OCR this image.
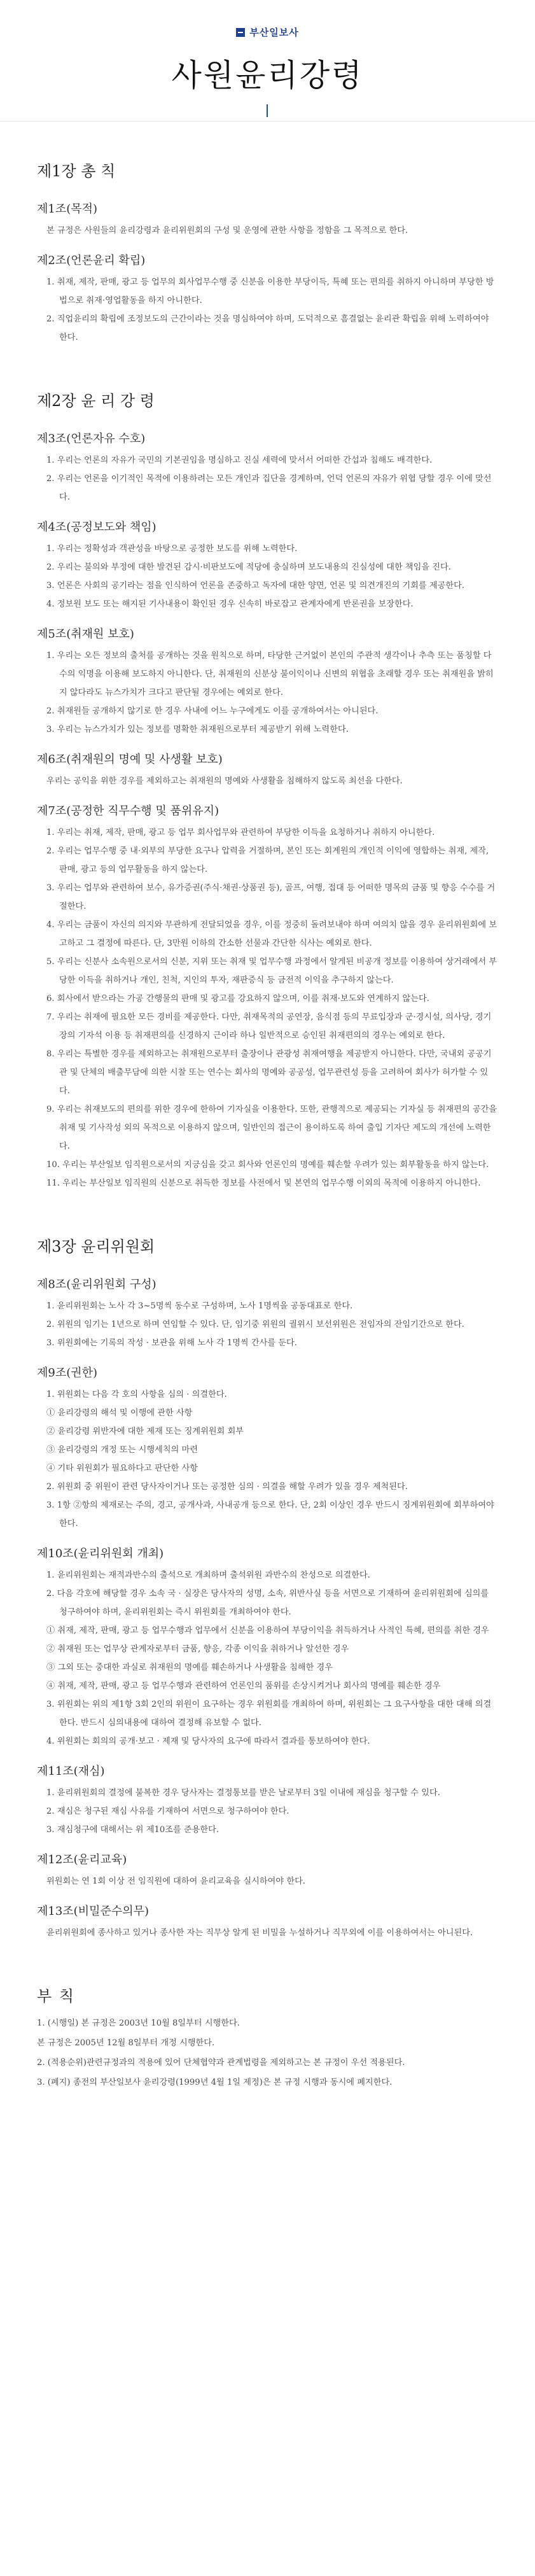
부산일보사
사원윤리강령
제1장 총 칙
제1조(목적)

본 규정은 사원들의 윤리강령과 윤리위원회의 구성 및 운영에 관한 사항을 정함을 그 목적으로 한다.

제2조(언론윤리 확립)
1. 취재, 제작, 판매, 광고 등 업무의 회사업무수행 중 신분을 이용한 부당이득, 특혜 또는 편의를 취하지 아니하며 부당한 방법으로 취재·영업활동을 하지 아니한다.
2. 직업윤리의 확립에 조정보도의 근간이라는 것을 명심하여야 하며, 도덕적으로 흠결없는 윤리관 확립을 위해 노력하여야 한다.
제2장 윤 리 강 령
제3조(언론자유 수호)
1. 우리는 언론의 자유가 국민의 기본권임을 명심하고 진실 세력에 맞서서 어떠한 간섭과 침해도 배격한다.
2. 우리는 언론을 이기적인 목적에 이용하려는 모든 개인과 집단을 경계하며, 언덕 언론의 자유가 위협 당할 경우 이에 맞선다.
제4조(공정보도와 책임)
1. 우리는 정확성과 객관성을 바탕으로 공정한 보도를 위해 노력한다.
2. 우리는 불의와 부정에 대한 발견된 감시·비판보도에 적당에 충실하며 보도내용의 진실성에 대한 책임을 진다.
3. 언론은 사회의 공기라는 점을 인식하여 언론을 존중하고 독자에 대한 양면, 언론 및 의견개진의 기회를 제공한다.
4. 정보원 보도 또는 해지된 기사내용이 확인된 경우 신속히 바로잡고 관계자에게 반론권을 보장한다.
제5조(취재원 보호)
1. 우리는 오든 정보의 출처를 공개하는 것을 원칙으로 하며, 타당한 근거없이 본인의 주관적 생각이나 추측 또는 품칭할 다수의 익명을 이용해 보도하지 아니한다. 단, 취재원의 신분상 불이익이나 신변의 위협을 초래할 경우 또는 취재원을 밝히지 않다라도 뉴스가치가 크다고 판단될 경우에는 예외로 한다.
2. 취재원들 공개하지 않기로 한 경우 사내에 어느 누구에게도 이를 공개하여서는 아니된다.
3. 우리는 뉴스가치가 있는 정보를 명확한 취재원으로부터 제공받기 위해 노력한다.
제6조(취재원의 명예 및 사생활 보호)

우리는 공익을 위한 경우를 제외하고는 취재원의 명예와 사생활을 침해하지 않도록 최선을 다한다.

제7조(공정한 직무수행 및 품위유지)
1. 우리는 취재, 제작, 판매, 광고 등 업무 회사업무와 관련하여 부당한 이득을 요청하거나 취하지 아니한다.
2. 우리는 업무수행 중 내·외부의 부당한 요구나 압력을 거절하며, 본인 또는 회계원의 개인적 이익에 영합하는 취재, 제작, 판매, 광고 등의 업무활동을 하지 않는다.
3. 우리는 업무와 관련하여 보수, 유가증권(주식·채권·상품권 등), 골프, 여행, 접대 등 어떠한 명목의 금품 및 향응 수수를 거절한다.
4. 우리는 금품이 자신의 의지와 무관하게 전달되었을 경우, 이를 정중히 돌려보내야 하며 여의치 않을 경우 윤리위원회에 보고하고 그 결정에 따른다. 단, 3만원 이하의 간소한 선물과 간단한 식사는 예외로 한다.
5. 우리는 신분사 소속원으로서의 신분, 지위 또는 취재 및 업무수행 과정에서 알게된 비공개 정보를 이용하여 상거래에서 부당한 이득을 취하거나 개인, 친척, 지인의 투자, 재판증식 등 금전적 이익을 추구하지 않는다.
6. 회사에서 받으라는 가공 간행물의 판매 및 광고를 강요하지 않으며, 이를 취재·보도와 연계하지 않는다.
7. 우리는 취재에 필요한 모든 경비를 제공한다. 다만, 취재목적의 공연장, 음식점 등의 무료입장과 군·경시설, 의사당, 경기장의 기자석 이용 등 취재편의를 신경하지 근이라 하나 일반적으로 승인된 취재편의의 경우는 예외로 한다.
8. 우리는 특별한 경우를 제외하고는 취재원으로부터 출장이나 관광성 취재여행을 제공받지 아니한다. 다만, 국내외 공공기관 및 단체의 배출무담에 의한 시찰 또는 연수는 회사의 명예와 공공성, 업무관련성 등을 고려하여 회사가 허가할 수 있다.
9. 우리는 취재보도의 편의를 위한 경우에 한하여 기자실을 이용한다. 또한, 관행적으로 제공되는 기자실 등 취재편의 공간을 취재 및 기사작성 외의 목적으로 이용하지 않으며, 일반인의 접근이 용이하도록 하여 출입 기자단 제도의 개선에 노력한다.
10. 우리는 부산일보 임직원으로서의 지긍심을 갖고 회사와 언론인의 명예를 훼손할 우려가 있는 회부활동을 하지 않는다.
11. 우리는 부산일보 임직원의 신분으로 취득한 정보를 사전에서 및 본연의 업무수행 이외의 목적에 이용하지 아니한다.
제3장 윤리위원회
제8조(윤리위원회 구성)
1. 윤리위원회는 노사 각 3~5명씩 동수로 구성하며, 노사 1명씩을 공동대표로 한다.
2. 위원의 임기는 1년으로 하며 연임할 수 있다. 단, 임기중 위원의 궐위시 보선위원은 전임자의 잔임기간으로 한다.
3. 위원회에는 기록의 작성 · 보관을 위해 노사 각 1명씩 간사를 둔다.
제9조(권한)
1. 위원회는 다음 각 호의 사항을 심의 · 의결한다.
① 윤리강령의 해석 및 이행에 관한 사항
② 윤리강령 위반자에 대한 제재 또는 징계위원회 회부
③ 윤리강령의 개정 또는 시행세칙의 마련
④ 기타 위원회가 필요하다고 판단한 사항
2. 위원회 중 위원이 관련 당사자이거나 또는 공정한 심의 · 의결을 해할 우려가 있을 경우 제척된다.
3. 1항 ②항의 제재로는 주의, 경고, 공개사과, 사내공개 등으로 한다. 단, 2회 이상인 경우 반드시 징계위원회에 회부하여야 한다.
제10조(윤리위원회 개최)
1. 윤리위원회는 재적과반수의 출석으로 개최하며 출석위원 과반수의 찬성으로 의결한다.
2. 다음 각호에 해당할 경우 소속 국 · 실장은 당사자의 성명, 소속, 위반사실 등을 서면으로 기재하여 윤리위원회에 심의를 청구하여야 하며, 윤리위원회는 즉시 위원회를 개최하여야 한다.
① 취재, 제작, 판매, 광고 등 업무수행과 업무에서 신분을 이용하여 부당이익을 취득하거나 사적인 특혜, 편의를 취한 경우
② 취재원 또는 업무상 관계자로부터 금품, 향응, 각종 이익을 취하거나 알선한 경우
③ 그외 또는 중대한 과실로 취재원의 명예를 훼손하거나 사생활을 침해한 경우
④ 취재, 제작, 판매, 광고 등 업무수행과 관련하여 언론인의 품위를 손상시켜거나 회사의 명예를 훼손한 경우
3. 위원회는 위의 제1항 3회 2인의 위원이 요구하는 경우 위원회를 개최하여 하며, 위원회는 그 요구사항을 대한 대해 의결한다. 반드시 심의내용에 대하여 결정해 유보할 수 없다.
4. 위원회는 회의의 공개·보고 · 제재 및 당사자의 요구에 따라서 결과를 통보하여야 한다.
제11조(재심)
1. 윤리위원회의 결정에 불복한 경우 당사자는 결정통보를 받은 날로부터 3일 이내에 재심을 청구할 수 있다.
2. 재심은 청구된 재심 사유를 기재하여 서면으로 청구하여야 한다.
3. 재심청구에 대해서는 위 제10조를 준용한다.
제12조(윤리교육)

위원회는 연 1회 이상 전 임직원에 대하여 윤리교육을 실시하여야 한다.

제13조(비밀준수의무)

윤리위원회에 종사하고 있거나 종사한 자는 직무상 알게 된 비밀을 누설하거나 직무외에 이를 이용하여서는 아니된다.

부 칙
1. (시행일) 본 규정은 2003년 10월 8일부터 시행한다.
본 규정은 2005년 12월 8일부터 개정 시행한다.
2. (적용순위)관련규정과의 적용에 있어 단체협약과 관계법령을 제외하고는 본 규정이 우선 적용된다.
3. (폐지) 종전의 부산일보사 윤리강령(1999년 4월 1일 제정)은 본 규정 시행과 동시에 폐지한다.
